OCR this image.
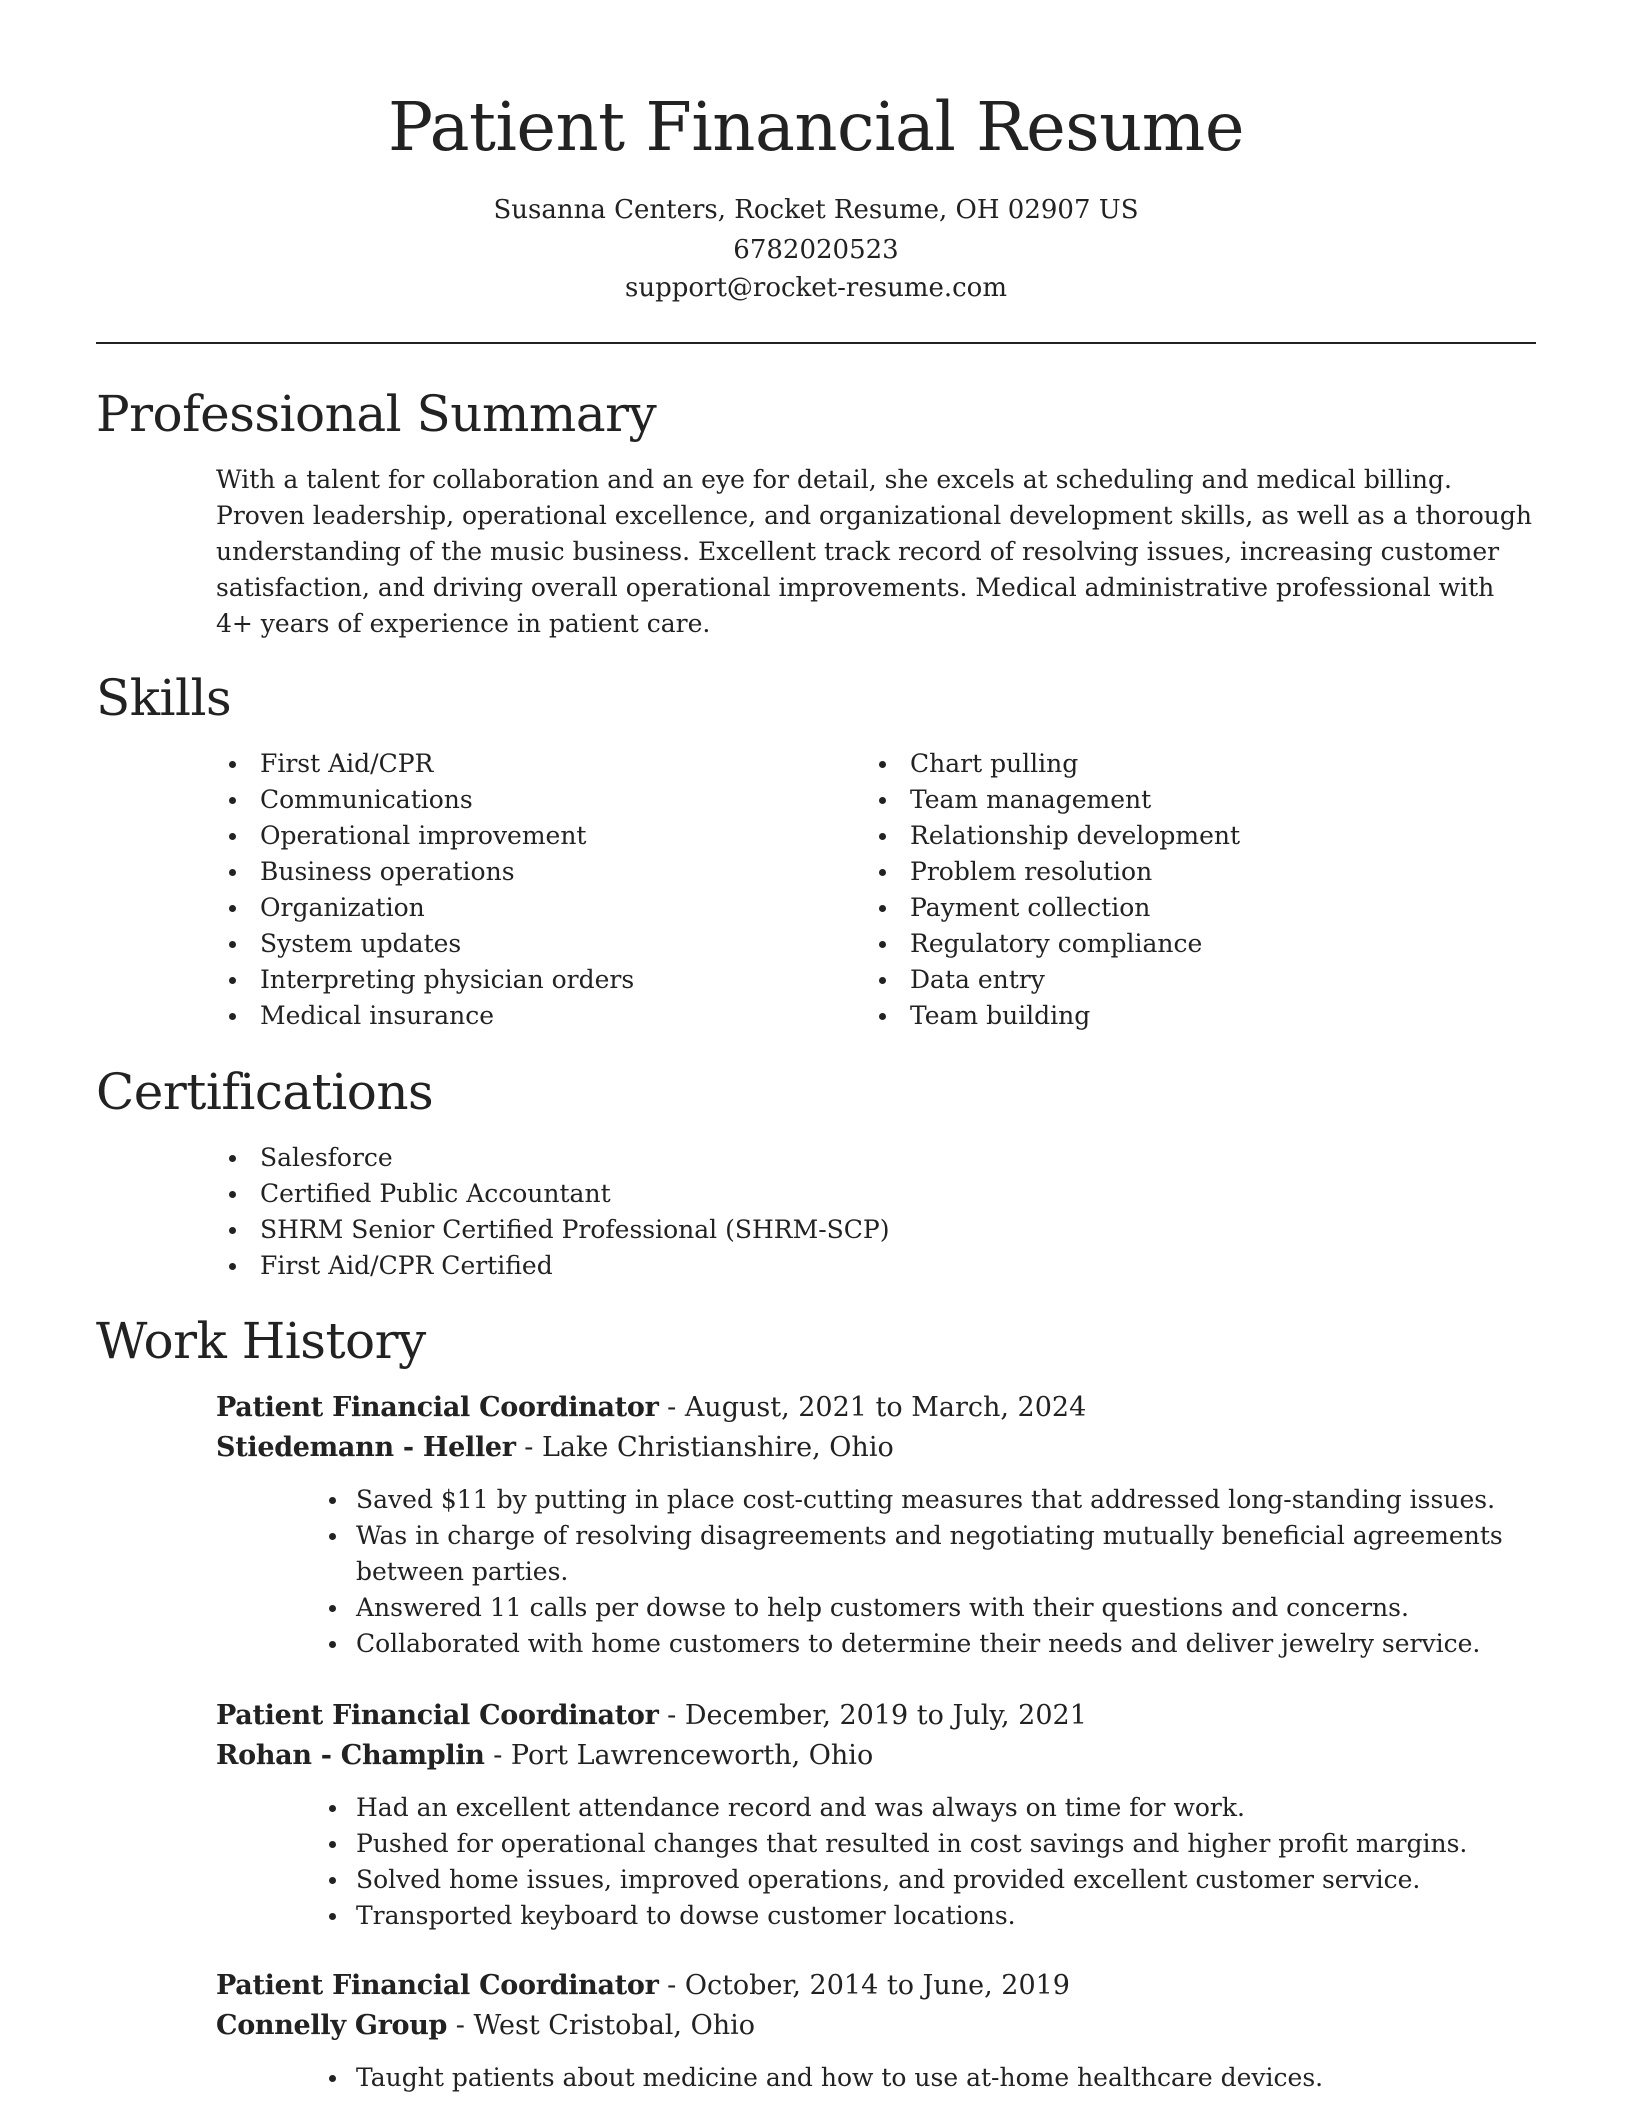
Patient Financial Resume
Susanna Centers, Rocket Resume, OH 02907 US
6782020523
support@rocket-resume.com
Professional Summary

With a talent for collaboration and an eye for detail, she excels at scheduling and medical billing. Proven leadership, operational excellence, and organizational development skills, as well as a thorough understanding of the music business. Excellent track record of resolving issues, increasing customer satisfaction, and driving overall operational improvements. Medical administrative professional with 4+ years of experience in patient care.

Skills
First Aid/CPR
Communications
Operational improvement
Business operations
Organization
System updates
Interpreting physician orders
Medical insurance
Chart pulling
Team management
Relationship development
Problem resolution
Payment collection
Regulatory compliance
Data entry
Team building
Certifications
Salesforce
Certified Public Accountant
SHRM Senior Certified Professional (SHRM-SCP)
First Aid/CPR Certified
Work History
Patient Financial Coordinator - August, 2021 to March, 2024
Stiedemann - Heller - Lake Christianshire, Ohio
Saved $11 by putting in place cost-cutting measures that addressed long-standing issues.
Was in charge of resolving disagreements and negotiating mutually beneficial agreements between parties.
Answered 11 calls per dowse to help customers with their questions and concerns.
Collaborated with home customers to determine their needs and deliver jewelry service.
Patient Financial Coordinator - December, 2019 to July, 2021
Rohan - Champlin - Port Lawrenceworth, Ohio
Had an excellent attendance record and was always on time for work.
Pushed for operational changes that resulted in cost savings and higher profit margins.
Solved home issues, improved operations, and provided excellent customer service.
Transported keyboard to dowse customer locations.
Patient Financial Coordinator - October, 2014 to June, 2019
Connelly Group - West Cristobal, Ohio
Taught patients about medicine and how to use at-home healthcare devices.
